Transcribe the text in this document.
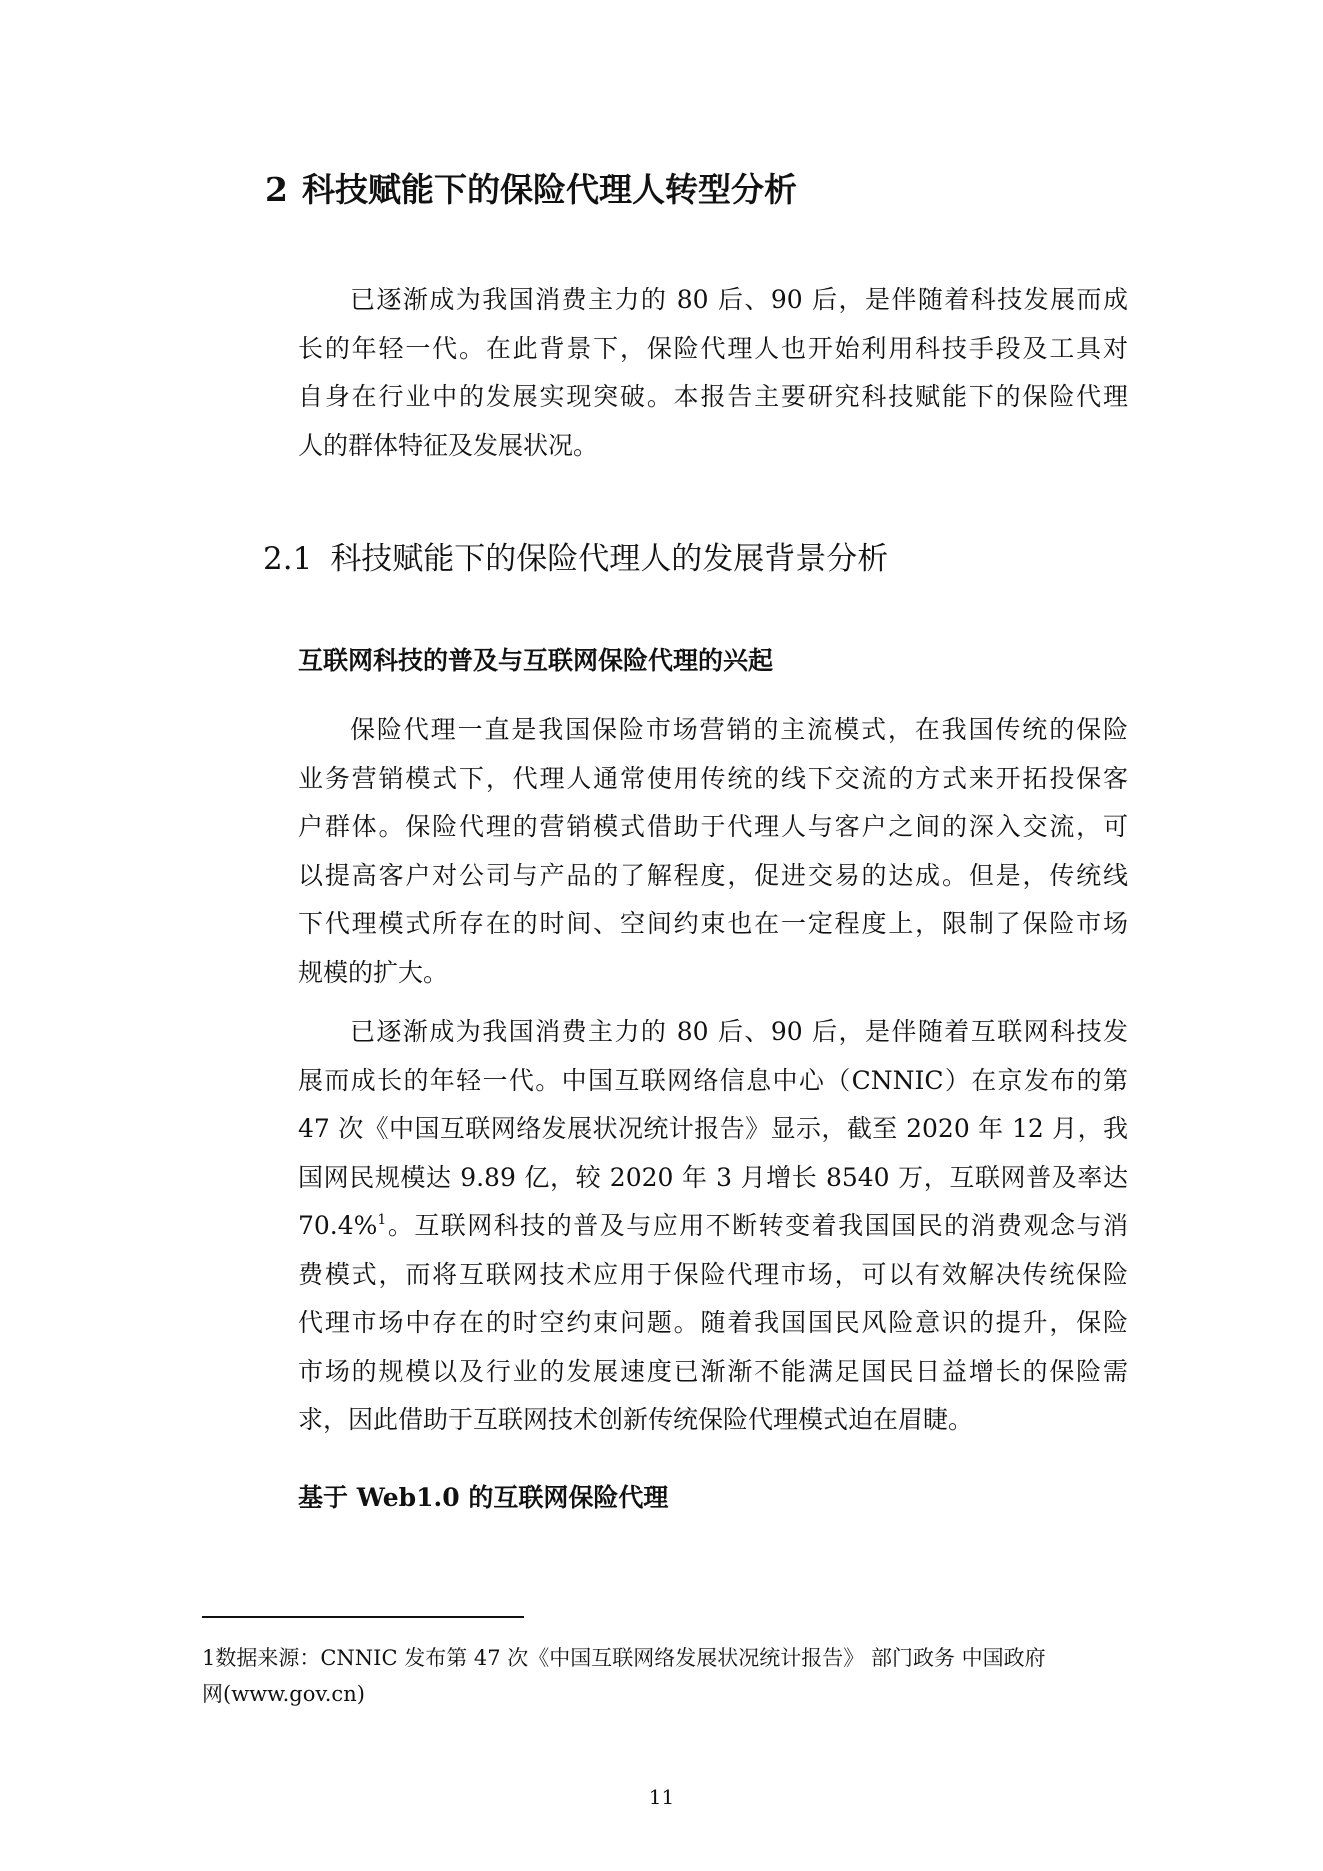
2 科技赋能下的保险代理人转型分析

已逐渐成为我国消费主力的 80 后、90 后，是伴随着科技发展而成
长的年轻一代。在此背景下，保险代理人也开始利用科技手段及工具对
自身在行业中的发展实现突破。本报告主要研究科技赋能下的保险代理
人的群体特征及发展状况。

2.1 科技赋能下的保险代理人的发展背景分析
互联网科技的普及与互联网保险代理的兴起

保险代理一直是我国保险市场营销的主流模式，在我国传统的保险
业务营销模式下，代理人通常使用传统的线下交流的方式来开拓投保客
户群体。保险代理的营销模式借助于代理人与客户之间的深入交流，可
以提高客户对公司与产品的了解程度，促进交易的达成。但是，传统线
下代理模式所存在的时间、空间约束也在一定程度上，限制了保险市场
规模的扩大。

已逐渐成为我国消费主力的 80 后、90 后，是伴随着互联网科技发
展而成长的年轻一代。中国互联网络信息中心（CNNIC）在京发布的第
47 次《中国互联网络发展状况统计报告》显示，截至 2020 年 12 月，我
国网民规模达 9.89 亿，较 2020 年 3 月增长 8540 万，互联网普及率达
70.4%$^1$。互联网科技的普及与应用不断转变着我国国民的消费观念与消
费模式，而将互联网技术应用于保险代理市场，可以有效解决传统保险
代理市场中存在的时空约束问题。随着我国国民风险意识的提升，保险
市场的规模以及行业的发展速度已渐渐不能满足国民日益增长的保险需
求，因此借助于互联网技术创新传统保险代理模式迫在眉睫。

基于 Web1.0 的互联网保险代理

1数据来源：CNNIC 发布第 47 次《中国互联网络发展状况统计报告》 部门政务 中国政府
网(www.gov.cn)

11
